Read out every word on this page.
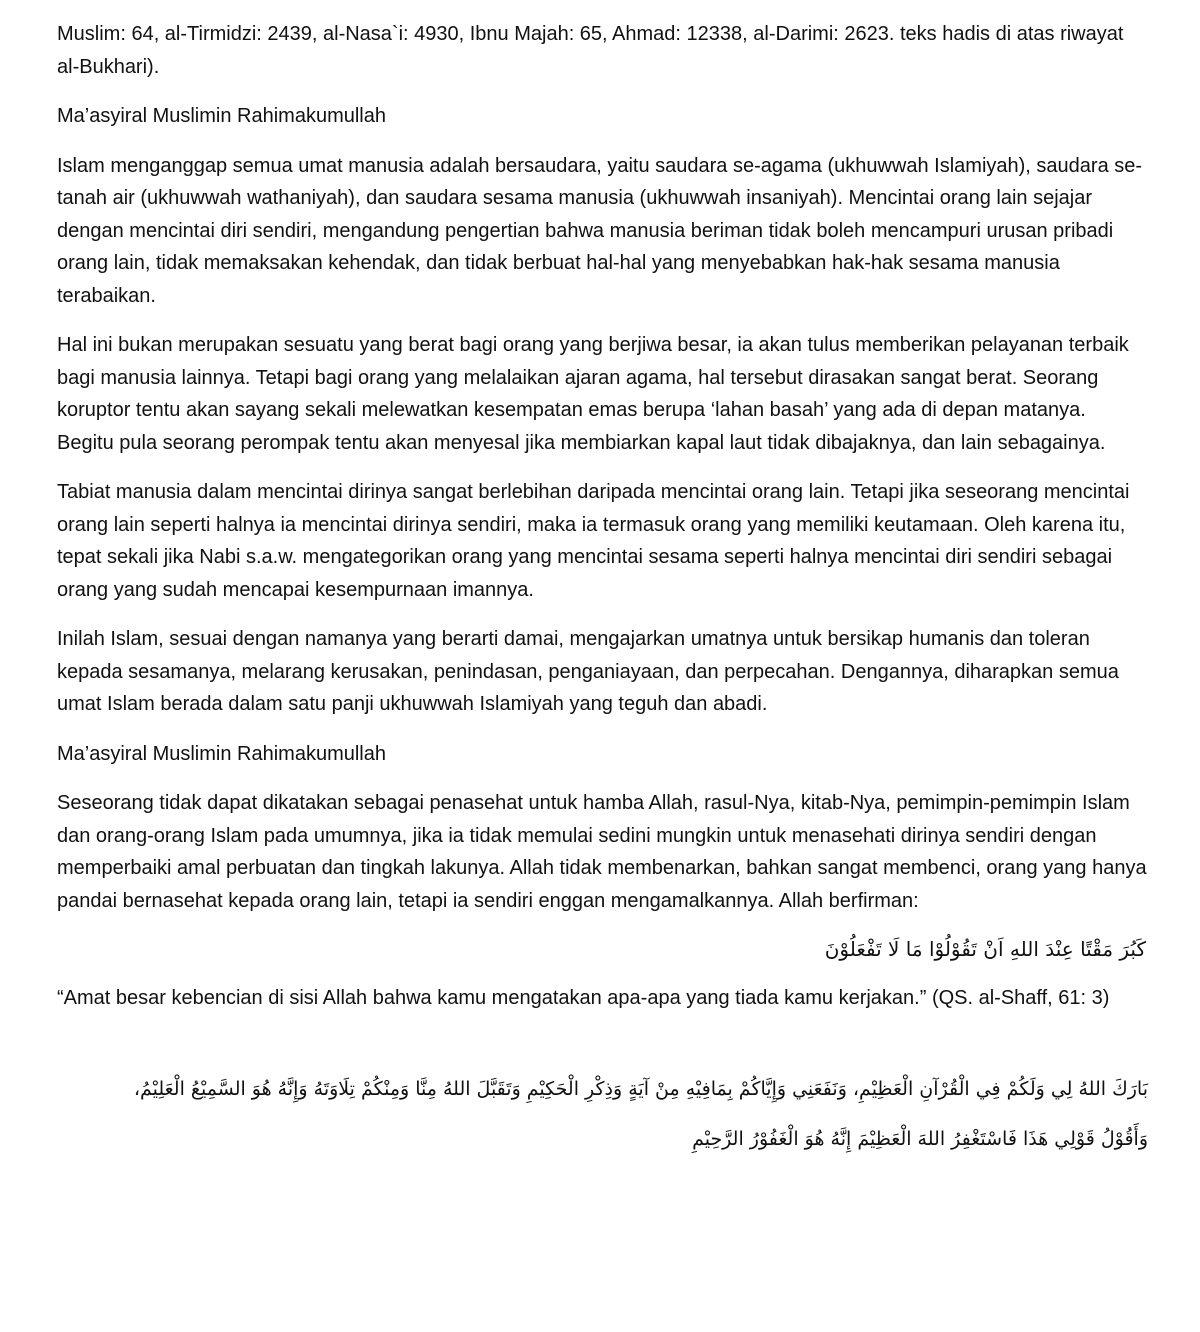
Muslim: 64, al-Tirmidzi: 2439, al-Nasa`i: 4930, Ibnu Majah: 65, Ahmad: 12338, al-Darimi: 2623. teks hadis di atas riwayat al-Bukhari).

Ma’asyiral Muslimin Rahimakumullah

Islam menganggap semua umat manusia adalah bersaudara, yaitu saudara se-agama (ukhuwwah Islamiyah), saudara se-tanah air (ukhuwwah wathaniyah), dan saudara sesama manusia (ukhuwwah insaniyah). Mencintai orang lain sejajar dengan mencintai diri sendiri, mengandung pengertian bahwa manusia beriman tidak boleh mencampuri urusan pribadi orang lain, tidak memaksakan kehendak, dan tidak berbuat hal-hal yang menyebabkan hak-hak sesama manusia terabaikan.

Hal ini bukan merupakan sesuatu yang berat bagi orang yang berjiwa besar, ia akan tulus memberikan pelayanan terbaik bagi manusia lainnya. Tetapi bagi orang yang melalaikan ajaran agama, hal tersebut dirasakan sangat berat. Seorang koruptor tentu akan sayang sekali melewatkan kesempatan emas berupa ‘lahan basah’ yang ada di depan matanya. Begitu pula seorang perompak tentu akan menyesal jika membiarkan kapal laut tidak dibajaknya, dan lain sebagainya.

Tabiat manusia dalam mencintai dirinya sangat berlebihan daripada mencintai orang lain. Tetapi jika seseorang mencintai orang lain seperti halnya ia mencintai dirinya sendiri, maka ia termasuk orang yang memiliki keutamaan. Oleh karena itu, tepat sekali jika Nabi s.a.w. mengategorikan orang yang mencintai sesama seperti halnya mencintai diri sendiri sebagai orang yang sudah mencapai kesempurnaan imannya.

Inilah Islam, sesuai dengan namanya yang berarti damai, mengajarkan umatnya untuk bersikap humanis dan toleran kepada sesamanya, melarang kerusakan, penindasan, penganiayaan, dan perpecahan. Dengannya, diharapkan semua umat Islam berada dalam satu panji ukhuwwah Islamiyah yang teguh dan abadi.

Ma’asyiral Muslimin Rahimakumullah

Seseorang tidak dapat dikatakan sebagai penasehat untuk hamba Allah, rasul-Nya, kitab-Nya, pemimpin-pemimpin Islam dan orang-orang Islam pada umumnya, jika ia tidak memulai sedini mungkin untuk menasehati dirinya sendiri dengan memperbaiki amal perbuatan dan tingkah lakunya. Allah tidak membenarkan, bahkan sangat membenci, orang yang hanya pandai bernasehat kepada orang lain, tetapi ia sendiri enggan mengamalkannya. Allah berfirman:

كَبُرَ مَقْتًا عِنْدَ اللهِ اَنْ تَقُوْلُوْا مَا لَا تَفْعَلُوْنَ

“Amat besar kebencian di sisi Allah bahwa kamu mengatakan apa-apa yang tiada kamu kerjakan.” (QS. al-Shaff, 61: 3)

بَارَكَ اللهُ لِي وَلَكُمْ فِي الْقُرْآنِ الْعَظِيْمِ، وَنَفَعَنِي وَإِيَّاكُمْ بِمَافِيْهِ مِنْ آيَةٍ وَذِكْرِ الْحَكِيْمِ وَتَقَبَّلَ اللهُ مِنَّا وَمِنْكُمْ تِلَاوَتَهُ وَإِنَّهُ هُوَ السَّمِيْعُ الْعَلِيْمُ،
وَأَقُوْلُ قَوْلِي هَذَا فَاسْتَغْفِرُ اللهَ الْعَظِيْمَ إِنَّهُ هُوَ الْغَفُوْرُ الرَّحِيْمِ
